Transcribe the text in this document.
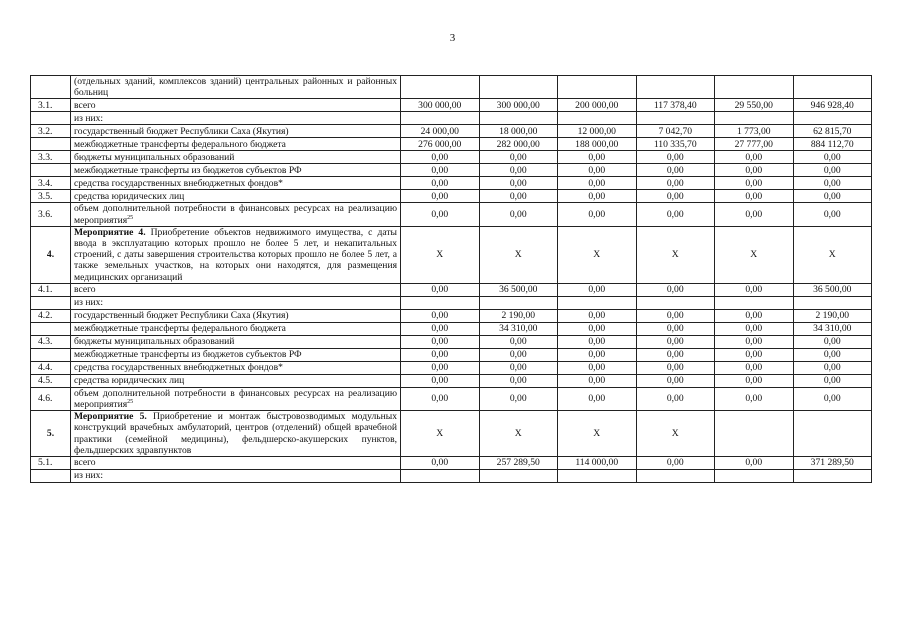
3
	(отдельных зданий, комплексов зданий) центральных районных и районных больниц						
3.1.	всего	300 000,00	300 000,00	200 000,00	117 378,40	29 550,00	946 928,40
	из них:						
3.2.	государственный бюджет Республики Саха (Якутия)	24 000,00	18 000,00	12 000,00	7 042,70	1 773,00	62 815,70
	межбюджетные трансферты федерального бюджета	276 000,00	282 000,00	188 000,00	110 335,70	27 777,00	884 112,70
3.3.	бюджеты муниципальных образований	0,00	0,00	0,00	0,00	0,00	0,00
	межбюджетные трансферты из бюджетов субъектов РФ	0,00	0,00	0,00	0,00	0,00	0,00
3.4.	средства государственных внебюджетных фондов*	0,00	0,00	0,00	0,00	0,00	0,00
3.5.	средства юридических лиц	0,00	0,00	0,00	0,00	0,00	0,00
3.6.	объем дополнительной потребности в финансовых ресурсах на реализацию мероприятия$^{25}$	0,00	0,00	0,00	0,00	0,00	0,00
4.	Мероприятие 4. Приобретение объектов недвижимого имущества, с даты ввода в эксплуатацию которых прошло не более 5 лет, и некапитальных строений, с даты завершения строительства которых прошло не более 5 лет, а также земельных участков, на которых они находятся, для размещения медицинских организаций	X	X	X	X	X	X
4.1.	всего	0,00	36 500,00	0,00	0,00	0,00	36 500,00
	из них:						
4.2.	государственный бюджет Республики Саха (Якутия)	0,00	2 190,00	0,00	0,00	0,00	2 190,00
	межбюджетные трансферты федерального бюджета	0,00	34 310,00	0,00	0,00	0,00	34 310,00
4.3.	бюджеты муниципальных образований	0,00	0,00	0,00	0,00	0,00	0,00
	межбюджетные трансферты из бюджетов субъектов РФ	0,00	0,00	0,00	0,00	0,00	0,00
4.4.	средства государственных внебюджетных фондов*	0,00	0,00	0,00	0,00	0,00	0,00
4.5.	средства юридических лиц	0,00	0,00	0,00	0,00	0,00	0,00
4.6.	объем дополнительной потребности в финансовых ресурсах на реализацию мероприятия$^{25}$	0,00	0,00	0,00	0,00	0,00	0,00
5.	Мероприятие 5. Приобретение и монтаж быстровозводимых модульных конструкций врачебных амбулаторий, центров (отделений) общей врачебной практики (семейной медицины), фельдшерско-акушерских пунктов, фельдшерских здравпунктов	X	X	X	X		
5.1.	всего	0,00	257 289,50	114 000,00	0,00	0,00	371 289,50
	из них:						
